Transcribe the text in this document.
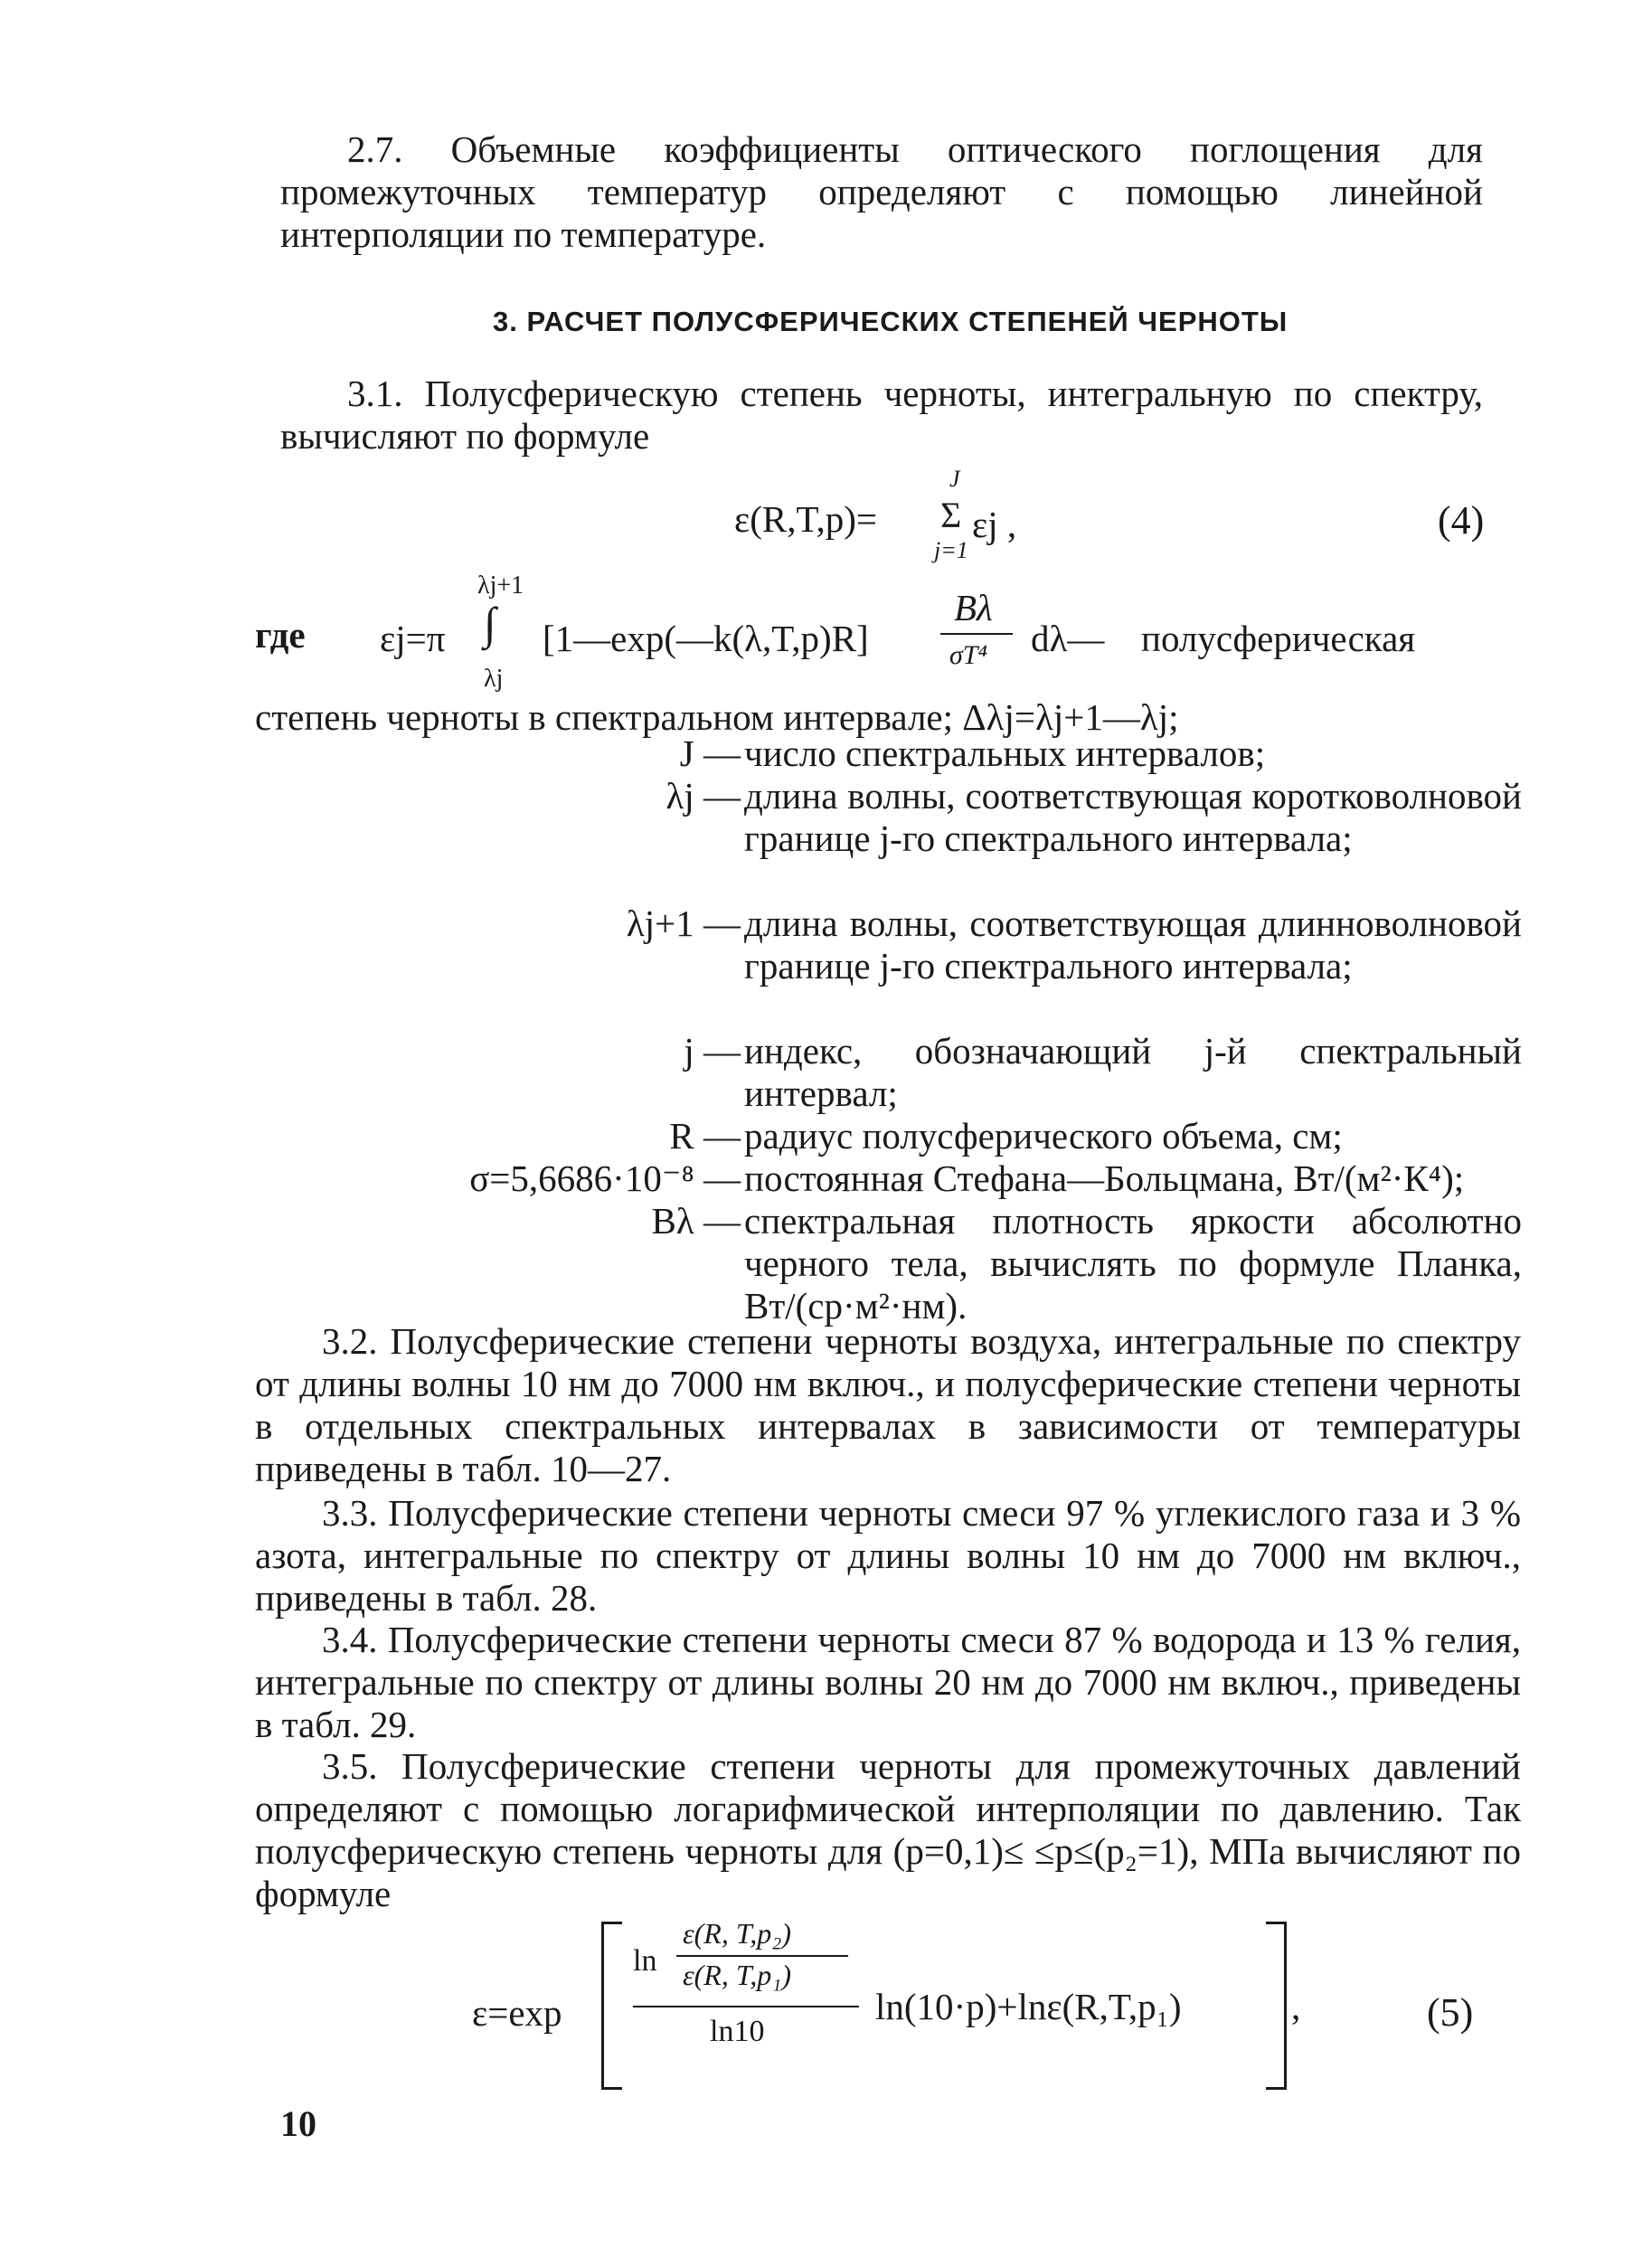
2.7. Объемные коэффициенты оптического поглощения для промежуточных температур определяют с помощью линейной интерполяции по температуре.
3. РАСЧЕТ ПОЛУСФЕРИЧЕСКИХ СТЕПЕНЕЙ ЧЕРНОТЫ
3.1. Полусферическую степень черноты, интегральную по спектру, вычисляют по формуле
ε(R,T,p)=
J
Σ
j=1
εj ,	(4)
где εj=π
λj+1
∫
λj
[1—exp(—k(λ,T,p)R]
Bλ
σT⁴ dλ— полусферическая
степень черноты в спектральном интервале; Δλj=λj+1—λj;
J — число спектральных интервалов;
λj — длина волны, соответствующая коротковолновой границе j-го спектрального интервала;
λj+1 — длина волны, соответствующая длинноволновой границе j-го спектрального интервала;
j — индекс, обозначающий j-й спектральный интервал;
R — радиус полусферического объема, см;
σ=5,6686·10⁻⁸ — постоянная Стефана—Больцмана, Вт/(м²·К⁴);
Bλ — спектральная плотность яркости абсолютно черного тела, вычислять по формуле Планка, Вт/(ср·м²·нм).
3.2. Полусферические степени черноты воздуха, интегральные по спектру от длины волны 10 нм до 7000 нм включ., и полусферические степени черноты в отдельных спектральных интервалах в зависимости от температуры приведены в табл. 10—27.
3.3. Полусферические степени черноты смеси 97 % углекислого газа и 3 % азота, интегральные по спектру от длины волны 10 нм до 7000 нм включ., приведены в табл. 28.
3.4. Полусферические степени черноты смеси 87 % водорода и 13 % гелия, интегральные по спектру от длины волны 20 нм до 7000 нм включ., приведены в табл. 29.
3.5. Полусферические степени черноты для промежуточных давлений определяют с помощью логарифмической интерполяции по давлению. Так полусферическую степень черноты для (p=0,1)≤ ≤p≤(p₂=1), МПа вычисляют по формуле
ε=exp
ln
ε(R, T,p₂)
ε(R, T,p₁)
ln10
ln(10·p)+lnε(R,T,p₁)	,	(5)
10
